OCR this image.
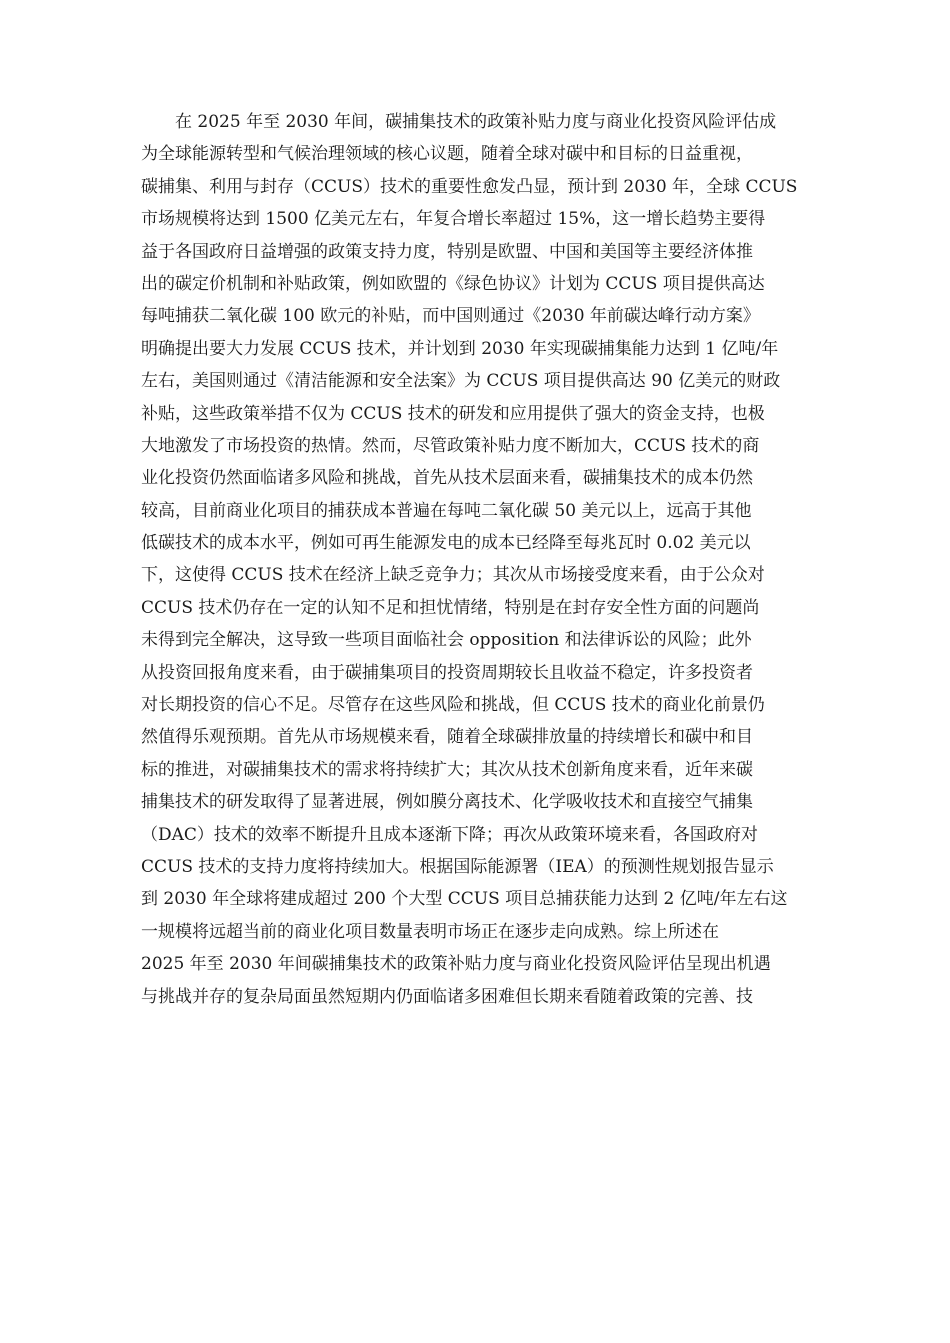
在 2025 年至 2030 年间，碳捕集技术的政策补贴力度与商业化投资风险评估成
为全球能源转型和气候治理领域的核心议题，随着全球对碳中和目标的日益重视，
碳捕集、利用与封存（CCUS）技术的重要性愈发凸显，预计到 2030 年，全球 CCUS
市场规模将达到 1500 亿美元左右，年复合增长率超过 15%，这一增长趋势主要得
益于各国政府日益增强的政策支持力度，特别是欧盟、中国和美国等主要经济体推
出的碳定价机制和补贴政策，例如欧盟的《绿色协议》计划为 CCUS 项目提供高达
每吨捕获二氧化碳 100 欧元的补贴，而中国则通过《2030 年前碳达峰行动方案》
明确提出要大力发展 CCUS 技术，并计划到 2030 年实现碳捕集能力达到 1 亿吨/年
左右，美国则通过《清洁能源和安全法案》为 CCUS 项目提供高达 90 亿美元的财政
补贴，这些政策举措不仅为 CCUS 技术的研发和应用提供了强大的资金支持，也极
大地激发了市场投资的热情。然而，尽管政策补贴力度不断加大，CCUS 技术的商
业化投资仍然面临诸多风险和挑战，首先从技术层面来看，碳捕集技术的成本仍然
较高，目前商业化项目的捕获成本普遍在每吨二氧化碳 50 美元以上，远高于其他
低碳技术的成本水平，例如可再生能源发电的成本已经降至每兆瓦时 0.02 美元以
下，这使得 CCUS 技术在经济上缺乏竞争力；其次从市场接受度来看，由于公众对
CCUS 技术仍存在一定的认知不足和担忧情绪，特别是在封存安全性方面的问题尚
未得到完全解决，这导致一些项目面临社会 opposition 和法律诉讼的风险；此外
从投资回报角度来看，由于碳捕集项目的投资周期较长且收益不稳定，许多投资者
对长期投资的信心不足。尽管存在这些风险和挑战，但 CCUS 技术的商业化前景仍
然值得乐观预期。首先从市场规模来看，随着全球碳排放量的持续增长和碳中和目
标的推进，对碳捕集技术的需求将持续扩大；其次从技术创新角度来看，近年来碳
捕集技术的研发取得了显著进展，例如膜分离技术、化学吸收技术和直接空气捕集
（DAC）技术的效率不断提升且成本逐渐下降；再次从政策环境来看，各国政府对
CCUS 技术的支持力度将持续加大。根据国际能源署（IEA）的预测性规划报告显示
到 2030 年全球将建成超过 200 个大型 CCUS 项目总捕获能力达到 2 亿吨/年左右这
一规模将远超当前的商业化项目数量表明市场正在逐步走向成熟。综上所述在
2025 年至 2030 年间碳捕集技术的政策补贴力度与商业化投资风险评估呈现出机遇
与挑战并存的复杂局面虽然短期内仍面临诸多困难但长期来看随着政策的完善、技
